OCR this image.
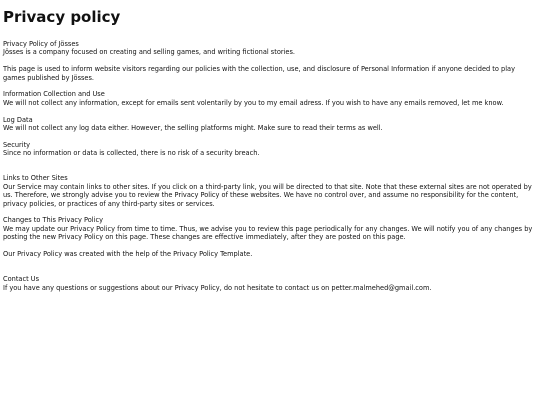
Privacy policy

Privacy Policy of Jösses

Jösses is a company focused on creating and selling games, and writing fictional stories.

This page is used to inform website visitors regarding our policies with the collection, use, and disclosure of Personal Information if anyone decided to play games published by Jösses.

Information Collection and Use

We will not collect any information, except for emails sent volentarily by you to my email adress. If you wish to have any emails removed, let me know.

Log Data

We will not collect any log data either. However, the selling platforms might. Make sure to read their terms as well.

Security

Since no information or data is collected, there is no risk of a security breach.

Links to Other Sites

Our Service may contain links to other sites. If you click on a third-party link, you will be directed to that site. Note that these external sites are not operated by us. Therefore, we strongly advise you to review the Privacy Policy of these websites. We have no control over, and assume no responsibility for the content, privacy policies, or practices of any third-party sites or services.

Changes to This Privacy Policy

We may update our Privacy Policy from time to time. Thus, we advise you to review this page periodically for any changes. We will notify you of any changes by posting the new Privacy Policy on this page. These changes are effective immediately, after they are posted on this page.

Our Privacy Policy was created with the help of the Privacy Policy Template.

Contact Us

If you have any questions or suggestions about our Privacy Policy, do not hesitate to contact us on petter.malmehed@gmail.com.
